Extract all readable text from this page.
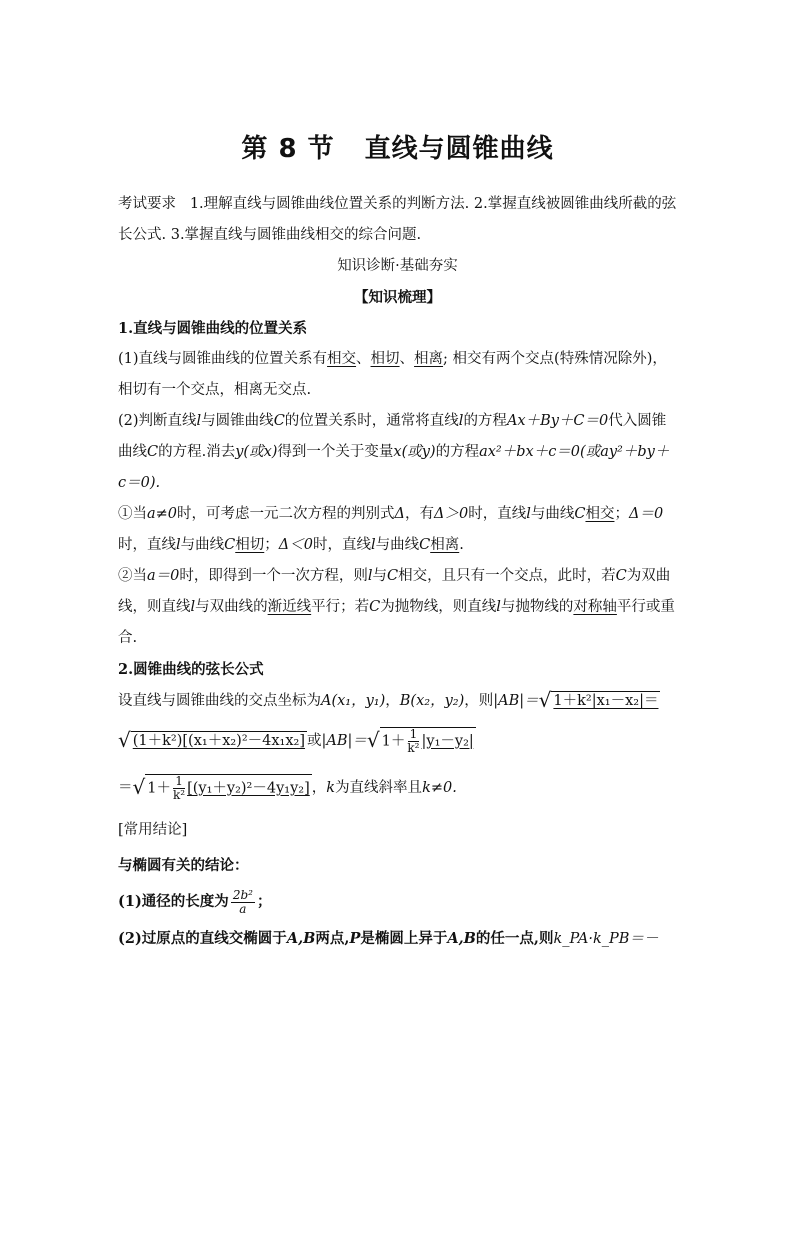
第 8 节 直线与圆锥曲线

考试要求 1.理解直线与圆锥曲线位置关系的判断方法. 2.掌握直线被圆锥曲线所截的弦长公式. 3.掌握直线与圆锥曲线相交的综合问题.

知识诊断·基础夯实

【知识梳理】

1.直线与圆锥曲线的位置关系

(1)直线与圆锥曲线的位置关系有相交、相切、相离; 相交有两个交点(特殊情况除外)，相切有一个交点，相离无交点.

(2)判断直线l与圆锥曲线C的位置关系时，通常将直线l的方程Ax＋By＋C＝0代入圆锥曲线C的方程.消去y(或x)得到一个关于变量x(或y)的方程ax²＋bx＋c＝0(或ay²＋by＋c＝0).

①当a≠0时，可考虑一元二次方程的判别式Δ，有Δ＞0时，直线l与曲线C相交；Δ＝0时，直线l与曲线C相切；Δ＜0时，直线l与曲线C相离.

②当a＝0时，即得到一个一次方程，则l与C相交，且只有一个交点，此时，若C为双曲线，则直线l与双曲线的渐近线平行；若C为抛物线，则直线l与抛物线的对称轴平行或重合.

2.圆锥曲线的弦长公式

设直线与圆锥曲线的交点坐标为A(x₁，y₁)，B(x₂，y₂)，则|AB|＝√ 1＋k²|x₁－x₂|＝

√ (1＋k²)[(x₁＋x₂)²－4x₁x₂] 或|AB|＝√ $1+ \frac{1}{\text{k²}} |y_1-y_2|$

＝√ $1+ \frac{1}{\text{k²}} [(y_1+y_2)^2-4y_1y_2]$ ，k为直线斜率且k≠0.

[常用结论]

与椭圆有关的结论：

(1)通径的长度为 $\frac{\text{2b²}}{a}$ ；

(2)过原点的直线交椭圆于A,B两点,P是椭圆上异于A,B的任一点,则k_PA·k_PB＝－
